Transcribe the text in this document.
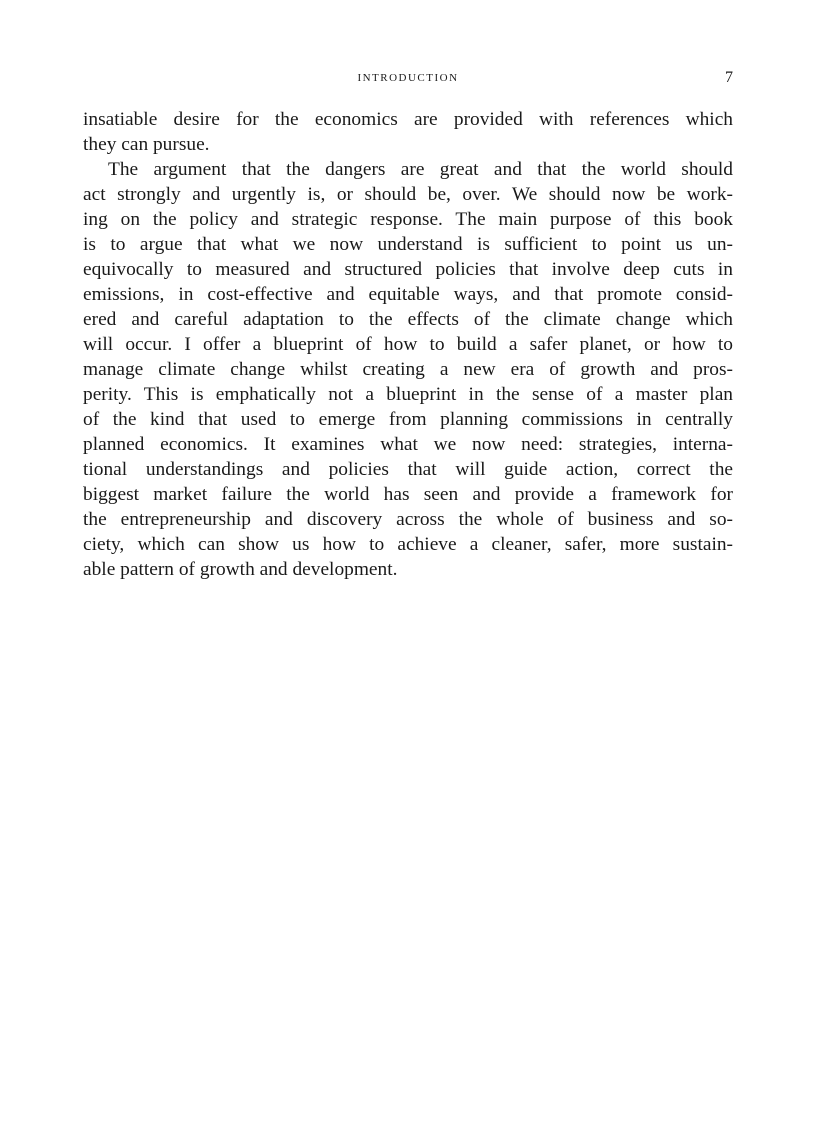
INTRODUCTION	7
insatiable desire for the economics are provided with references which
they can pursue.
The argument that the dangers are great and that the world should
act strongly and urgently is, or should be, over. We should now be work-
ing on the policy and strategic response. The main purpose of this book
is to argue that what we now understand is sufficient to point us un-
equivocally to measured and structured policies that involve deep cuts in
emissions, in cost-effective and equitable ways, and that promote consid-
ered and careful adaptation to the effects of the climate change which
will occur. I offer a blueprint of how to build a safer planet, or how to
manage climate change whilst creating a new era of growth and pros-
perity. This is emphatically not a blueprint in the sense of a master plan
of the kind that used to emerge from planning commissions in centrally
planned economics. It examines what we now need: strategies, interna-
tional understandings and policies that will guide action, correct the
biggest market failure the world has seen and provide a framework for
the entrepreneurship and discovery across the whole of business and so-
ciety, which can show us how to achieve a cleaner, safer, more sustain-
able pattern of growth and development.
